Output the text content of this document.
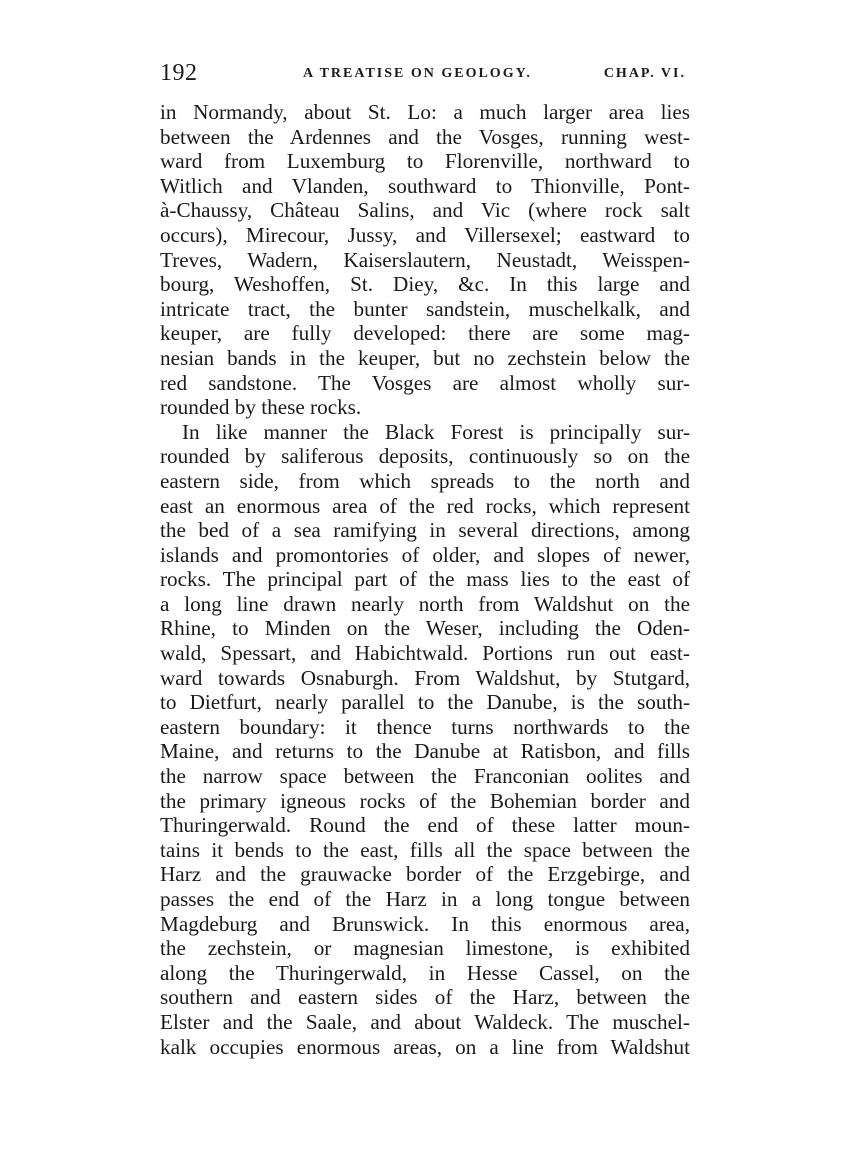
192	A TREATISE ON GEOLOGY.	CHAP. VI.
in Normandy, about St. Lo: a much larger area lies
between the Ardennes and the Vosges, running west-
ward from Luxemburg to Florenville, northward to
Witlich and Vlanden, southward to Thionville, Pont-
à-Chaussy, Château Salins, and Vic (where rock salt
occurs), Mirecour, Jussy, and Villersexel; eastward to
Treves, Wadern, Kaiserslautern, Neustadt, Weisspen-
bourg, Weshoffen, St. Diey, &c. In this large and
intricate tract, the bunter sandstein, muschelkalk, and
keuper, are fully developed: there are some mag-
nesian bands in the keuper, but no zechstein below the
red sandstone. The Vosges are almost wholly sur-
rounded by these rocks.
In like manner the Black Forest is principally sur-
rounded by saliferous deposits, continuously so on the
eastern side, from which spreads to the north and
east an enormous area of the red rocks, which represent
the bed of a sea ramifying in several directions, among
islands and promontories of older, and slopes of newer,
rocks. The principal part of the mass lies to the east of
a long line drawn nearly north from Waldshut on the
Rhine, to Minden on the Weser, including the Oden-
wald, Spessart, and Habichtwald. Portions run out east-
ward towards Osnaburgh. From Waldshut, by Stutgard,
to Dietfurt, nearly parallel to the Danube, is the south-
eastern boundary: it thence turns northwards to the
Maine, and returns to the Danube at Ratisbon, and fills
the narrow space between the Franconian oolites and
the primary igneous rocks of the Bohemian border and
Thuringerwald. Round the end of these latter moun-
tains it bends to the east, fills all the space between the
Harz and the grauwacke border of the Erzgebirge, and
passes the end of the Harz in a long tongue between
Magdeburg and Brunswick. In this enormous area,
the zechstein, or magnesian limestone, is exhibited
along the Thuringerwald, in Hesse Cassel, on the
southern and eastern sides of the Harz, between the
Elster and the Saale, and about Waldeck. The muschel-
kalk occupies enormous areas, on a line from Waldshut
